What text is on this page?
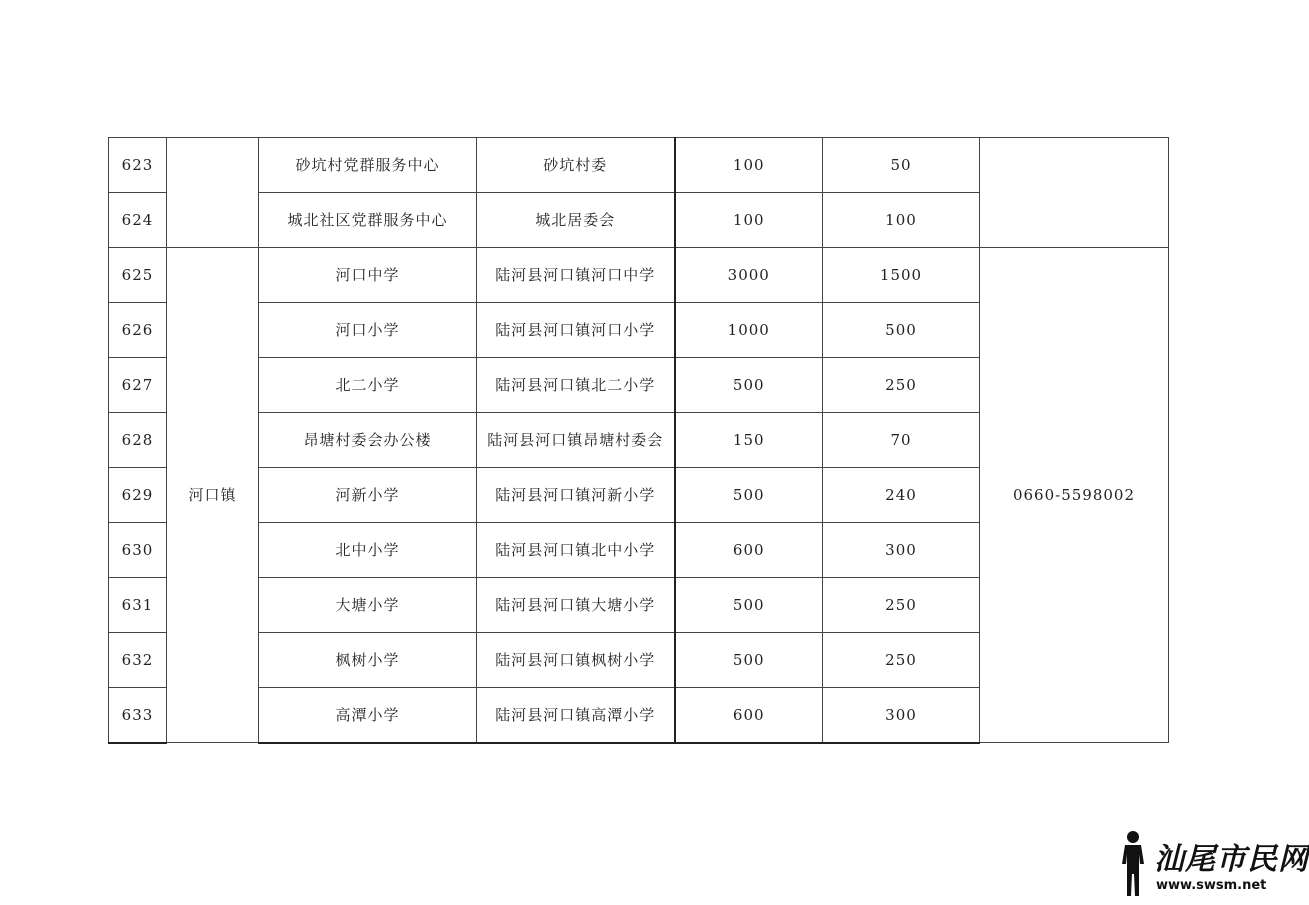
623		砂坑村党群服务中心	砂坑村委	100	50	
624		城北社区党群服务中心	城北居委会	100	100	
625	河口镇	河口中学	陆河县河口镇河口中学	3000	1500	0660-5598002
626		河口小学	陆河县河口镇河口小学	1000	500	
627		北二小学	陆河县河口镇北二小学	500	250	
628		昂塘村委会办公楼	陆河县河口镇昂塘村委会	150	70	
629		河新小学	陆河县河口镇河新小学	500	240	
630		北中小学	陆河县河口镇北中小学	600	300	
631		大塘小学	陆河县河口镇大塘小学	500	250	
632		枫树小学	陆河县河口镇枫树小学	500	250	
633		高潭小学	陆河县河口镇高潭小学	600	300	
汕尾市民网
www.swsm.net
